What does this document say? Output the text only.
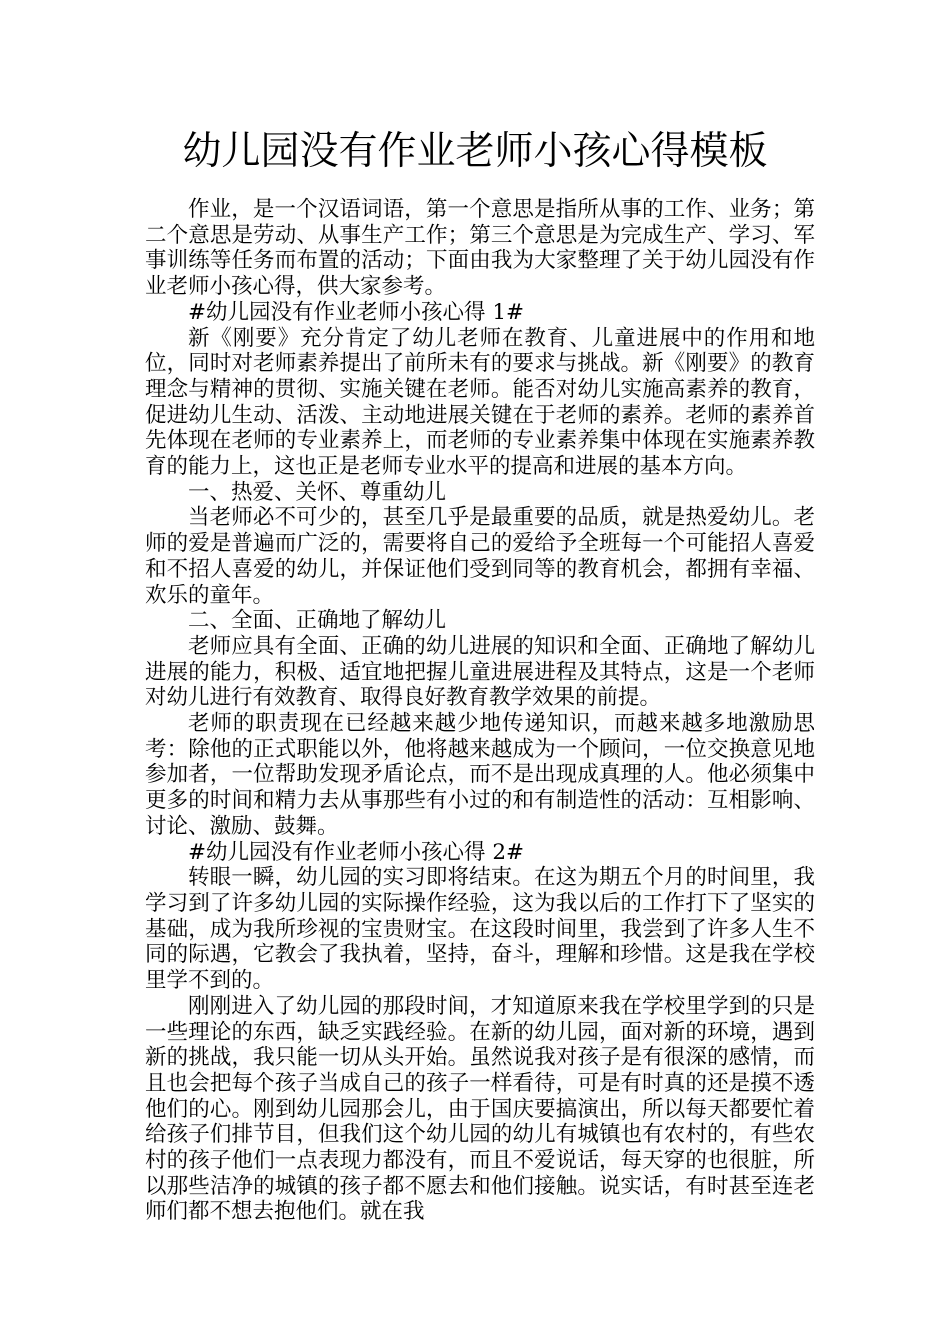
幼儿园没有作业老师小孩心得模板

作业，是一个汉语词语，第一个意思是指所从事的工作、业务；第二个意思是劳动、从事生产工作；第三个意思是为完成生产、学习、军事训练等任务而布置的活动；下面由我为大家整理了关于幼儿园没有作业老师小孩心得，供大家参考。

#幼儿园没有作业老师小孩心得 1#

新《刚要》充分肯定了幼儿老师在教育、儿童进展中的作用和地位，同时对老师素养提出了前所未有的要求与挑战。新《刚要》的教育理念与精神的贯彻、实施关键在老师。能否对幼儿实施高素养的教育，促进幼儿生动、活泼、主动地进展关键在于老师的素养。老师的素养首先体现在老师的专业素养上，而老师的专业素养集中体现在实施素养教育的能力上，这也正是老师专业水平的提高和进展的基本方向。

一、热爱、关怀、尊重幼儿

当老师必不可少的，甚至几乎是最重要的品质，就是热爱幼儿。老师的爱是普遍而广泛的，需要将自己的爱给予全班每一个可能招人喜爱和不招人喜爱的幼儿，并保证他们受到同等的教育机会，都拥有幸福、欢乐的童年。

二、全面、正确地了解幼儿

老师应具有全面、正确的幼儿进展的知识和全面、正确地了解幼儿进展的能力，积极、适宜地把握儿童进展进程及其特点，这是一个老师对幼儿进行有效教育、取得良好教育教学效果的前提。

老师的职责现在已经越来越少地传递知识，而越来越多地激励思考：除他的正式职能以外，他将越来越成为一个顾问，一位交换意见地参加者，一位帮助发现矛盾论点，而不是出现成真理的人。他必须集中更多的时间和精力去从事那些有小过的和有制造性的活动：互相影响、讨论、激励、鼓舞。

#幼儿园没有作业老师小孩心得 2#

转眼一瞬，幼儿园的实习即将结束。在这为期五个月的时间里，我学习到了许多幼儿园的实际操作经验，这为我以后的工作打下了坚实的基础，成为我所珍视的宝贵财宝。在这段时间里，我尝到了许多人生不同的际遇，它教会了我执着，坚持，奋斗，理解和珍惜。这是我在学校里学不到的。

刚刚进入了幼儿园的那段时间，才知道原来我在学校里学到的只是一些理论的东西，缺乏实践经验。在新的幼儿园，面对新的环境，遇到新的挑战，我只能一切从头开始。虽然说我对孩子是有很深的感情，而且也会把每个孩子当成自己的孩子一样看待，可是有时真的还是摸不透他们的心。刚到幼儿园那会儿，由于国庆要搞演出，所以每天都要忙着给孩子们排节目，但我们这个幼儿园的幼儿有城镇也有农村的，有些农村的孩子他们一点表现力都没有，而且不爱说话，每天穿的也很脏，所以那些洁净的城镇的孩子都不愿去和他们接触。说实话，有时甚至连老师们都不想去抱他们。就在我
